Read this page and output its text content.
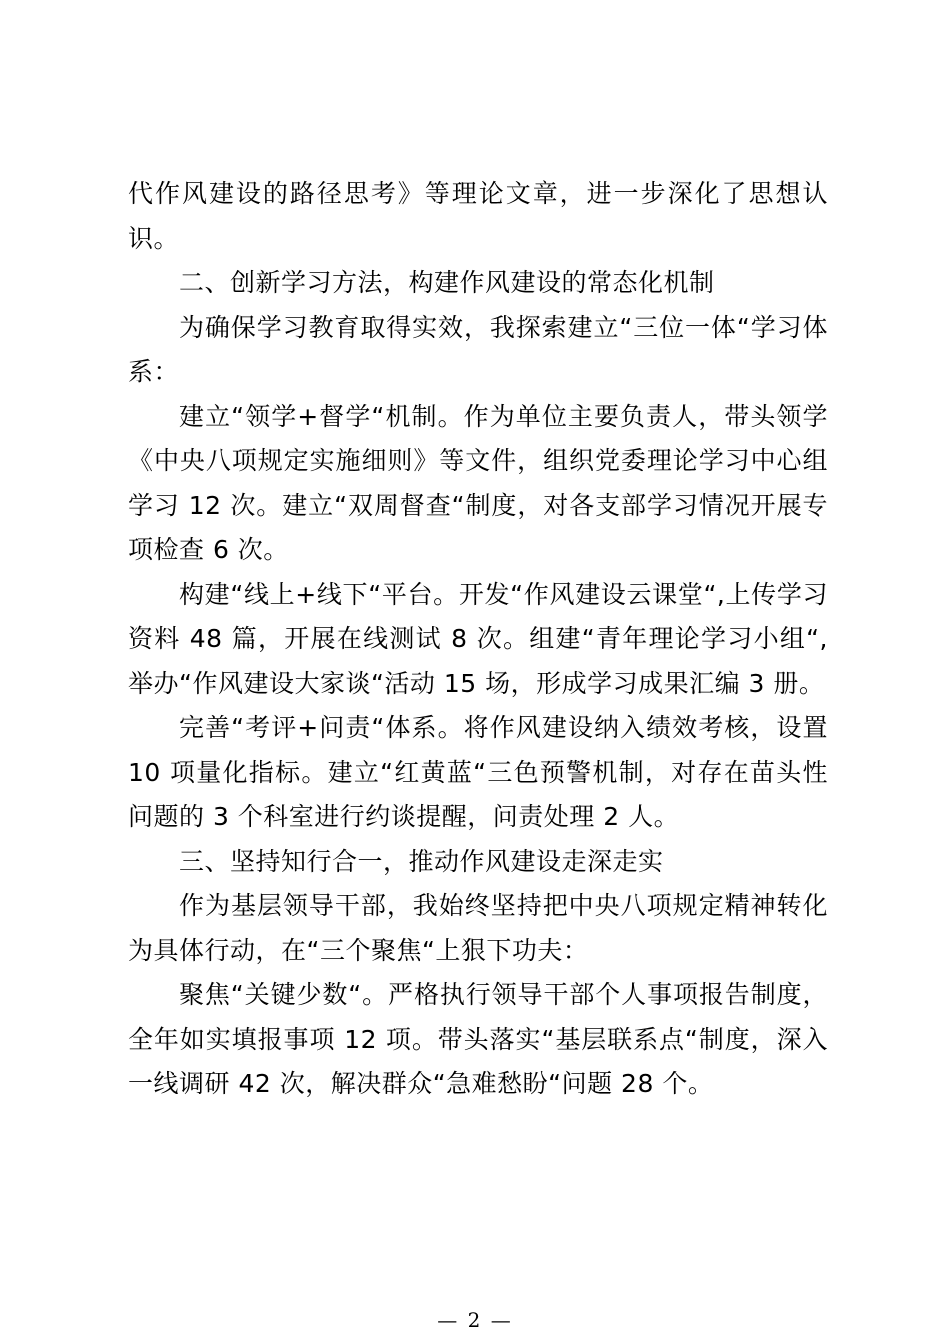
代作风建设的路径思考》等理论文章，进一步深化了思想认识。

二、创新学习方法，构建作风建设的常态化机制

为确保学习教育取得实效，我探索建立“三位一体“学习体系：

建立“领学+督学“机制。作为单位主要负责人，带头领学《中央八项规定实施细则》等文件，组织党委理论学习中心组学习 12 次。建立“双周督查“制度，对各支部学习情况开展专项检查 6 次。

构建“线上+线下“平台。开发“作风建设云课堂“,上传学习资料 48 篇，开展在线测试 8 次。组建“青年理论学习小组“,举办“作风建设大家谈“活动 15 场，形成学习成果汇编 3 册。

完善“考评+问责“体系。将作风建设纳入绩效考核，设置 10 项量化指标。建立“红黄蓝“三色预警机制，对存在苗头性问题的 3 个科室进行约谈提醒，问责处理 2 人。

三、坚持知行合一，推动作风建设走深走实

作为基层领导干部，我始终坚持把中央八项规定精神转化为具体行动，在“三个聚焦“上狠下功夫：

聚焦“关键少数“。严格执行领导干部个人事项报告制度，全年如实填报事项 12 项。带头落实“基层联系点“制度，深入一线调研 42 次，解决群众“急难愁盼“问题 28 个。

— 2 —
